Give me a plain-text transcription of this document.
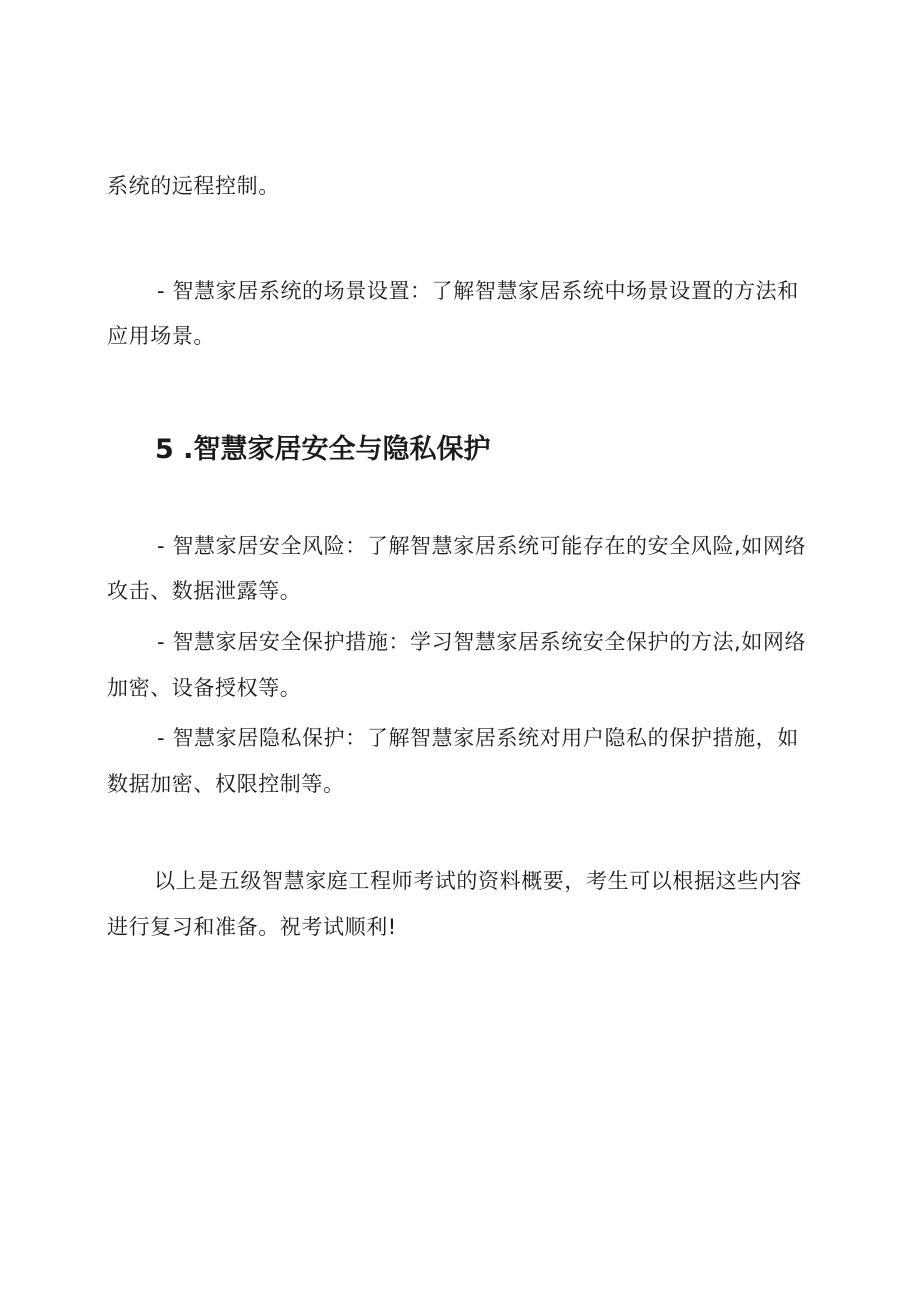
系统的远程控制。
- 智慧家居系统的场景设置：了解智慧家居系统中场景设置的方法和
应用场景。
5 .智慧家居安全与隐私保护
- 智慧家居安全风险：了解智慧家居系统可能存在的安全风险,如网络
攻击、数据泄露等。
- 智慧家居安全保护措施：学习智慧家居系统安全保护的方法,如网络
加密、设备授权等。
- 智慧家居隐私保护：了解智慧家居系统对用户隐私的保护措施，如
数据加密、权限控制等。
以上是五级智慧家庭工程师考试的资料概要，考生可以根据这些内容
进行复习和准备。祝考试顺利!
